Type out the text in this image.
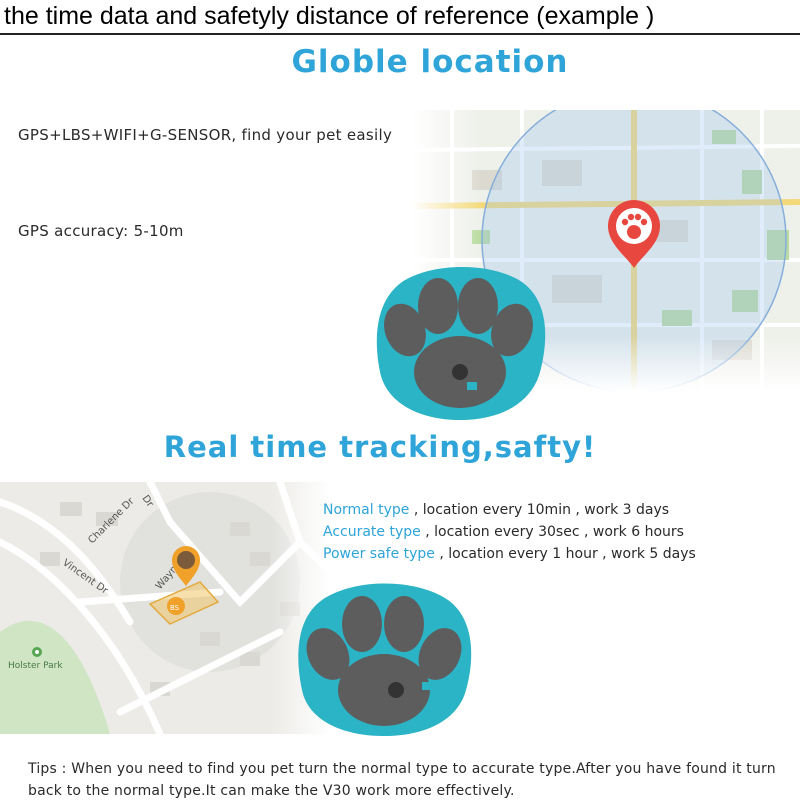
the time data and safetyly distance of reference (example )
Globle location
GPS+LBS+WIFI+G-SENSOR, find your pet easily
GPS accuracy: 5-10m
Real time tracking,safty!
Normal type , location every 10min , work 3 days
Accurate type , location every 30sec , work 6 hours
Power safe type , location every 1 hour , work 5 days
Tips : When you need to find you pet turn the normal type to accurate type.After you have found it turn back to the normal type.It can make the V30 work more effectively.
